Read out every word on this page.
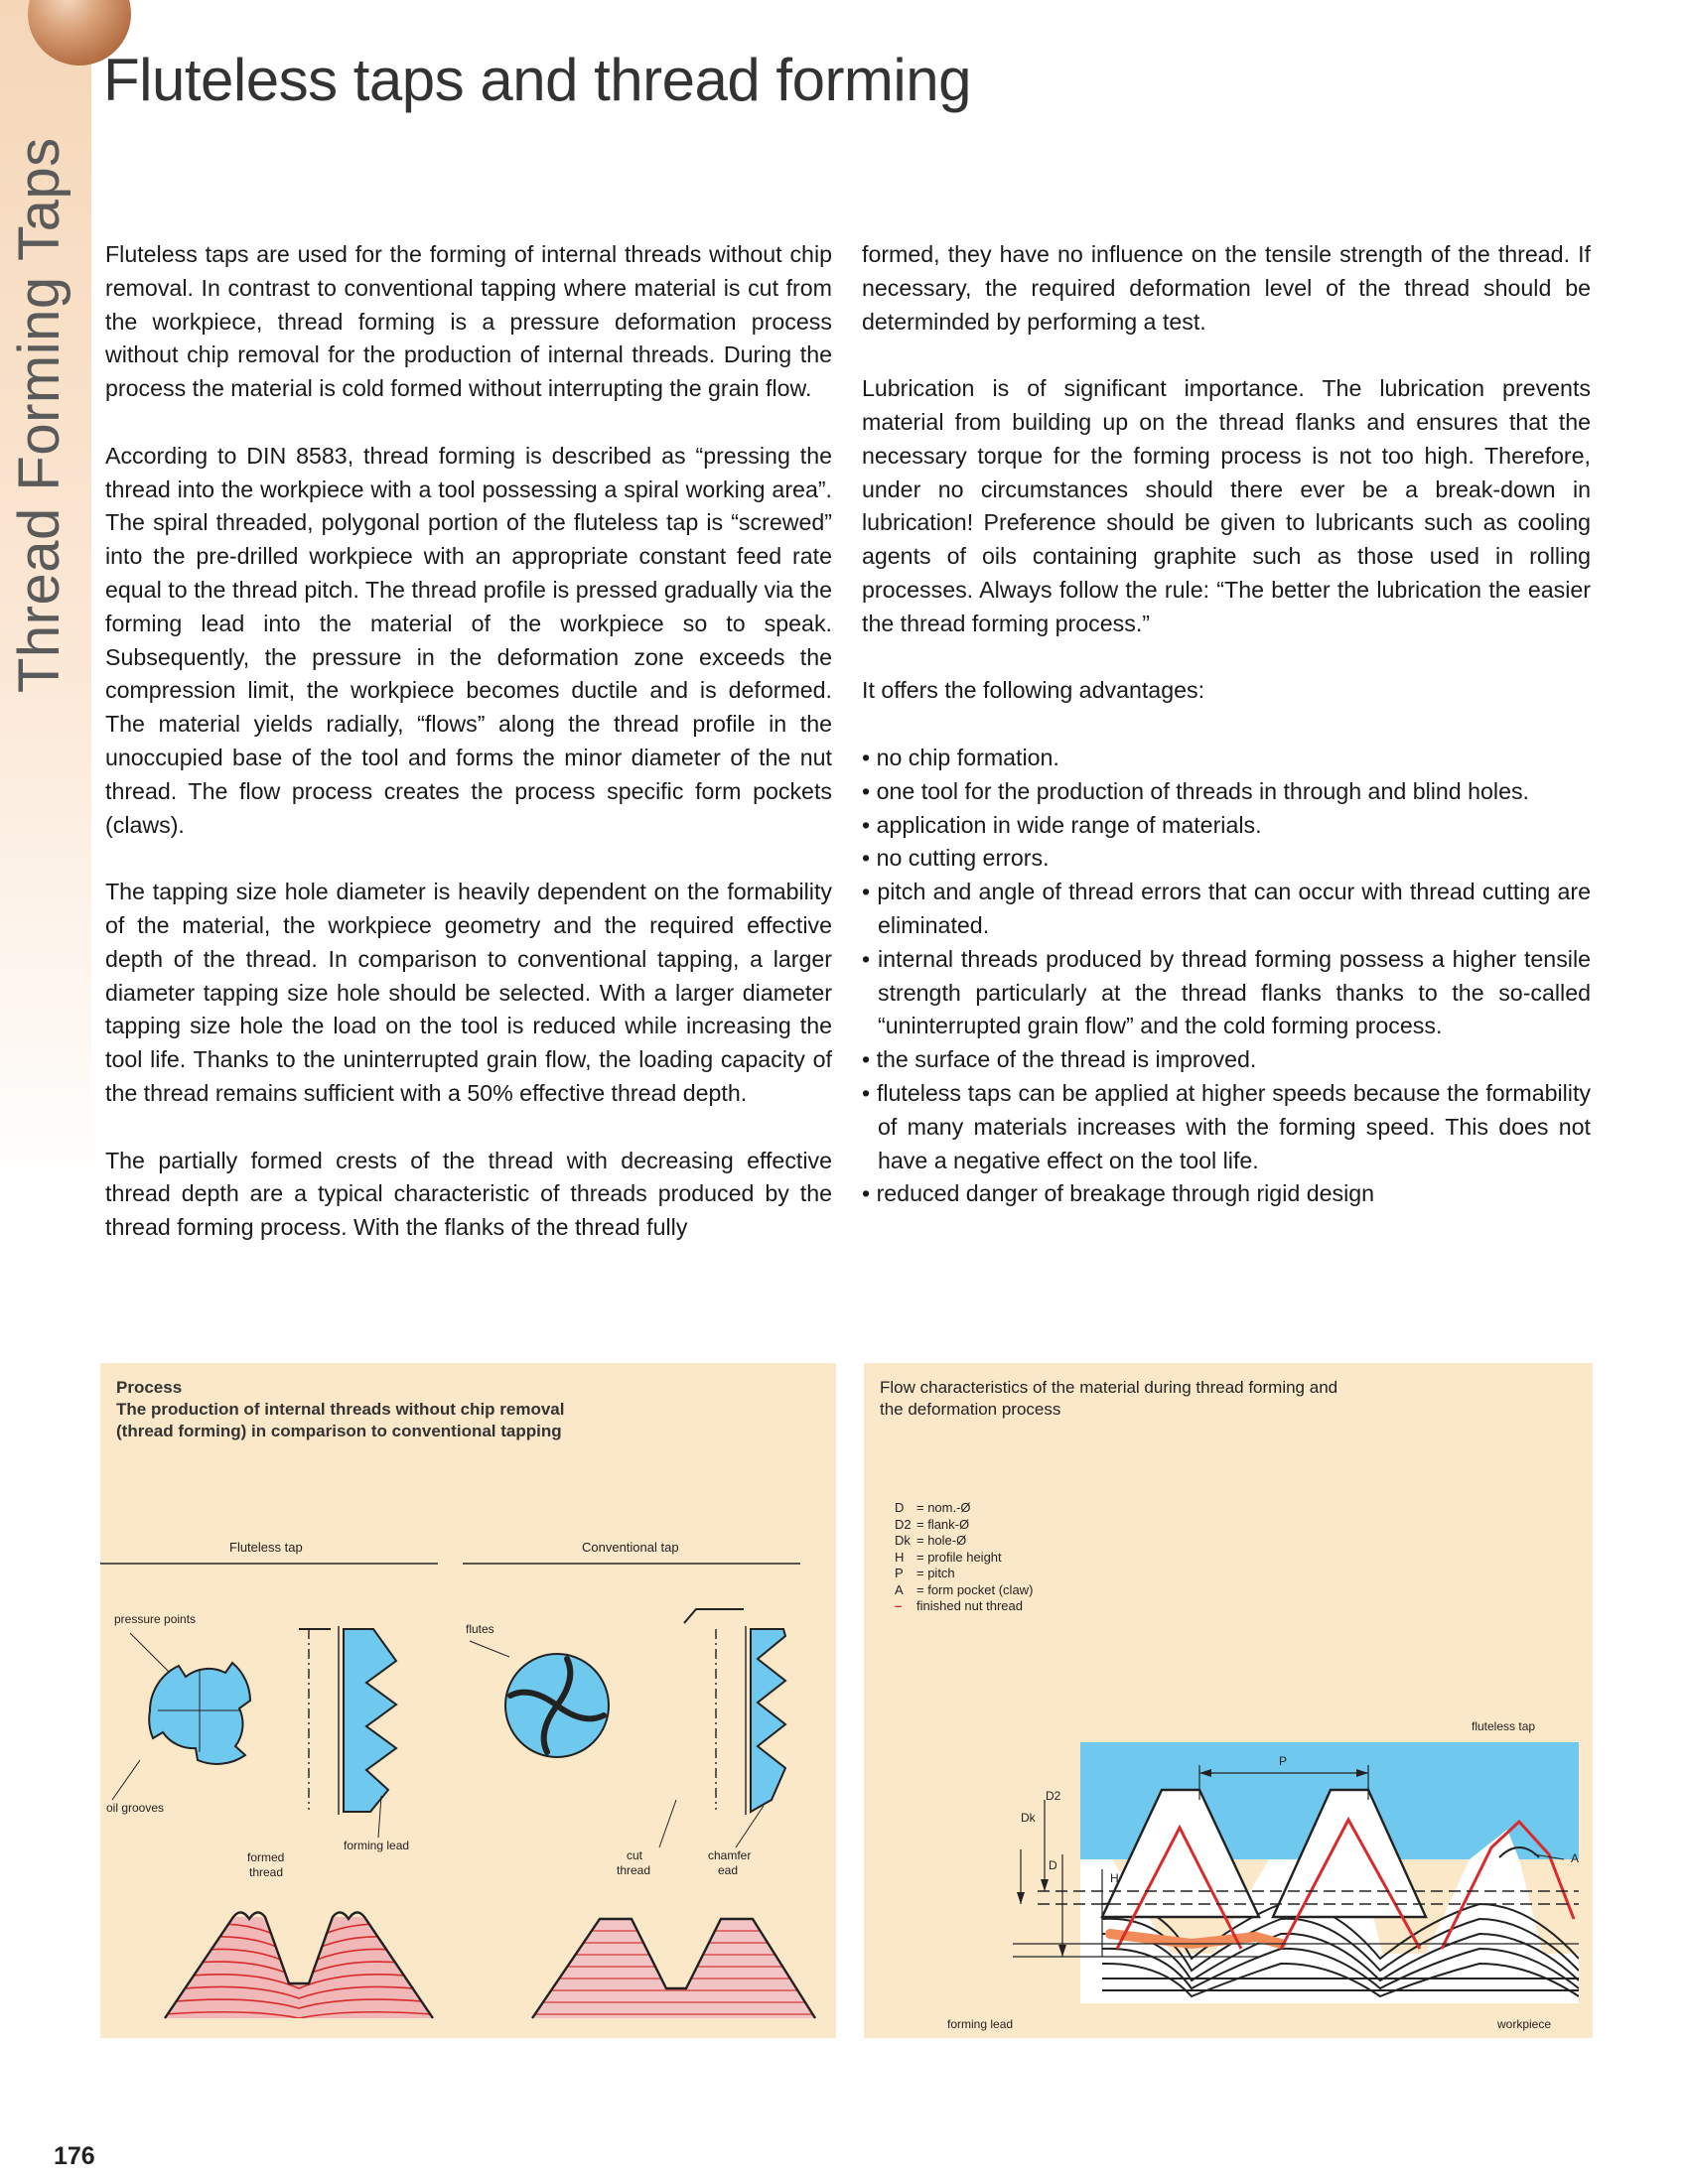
Thread Forming Taps
Fluteless taps and thread forming

Fluteless taps are used for the forming of internal threads without chip removal. In contrast to conventional tapping where material is cut from the workpiece, thread forming is a pressure deformation process without chip removal for the production of internal threads. During the process the material is cold formed without interrupting the grain flow.

According to DIN 8583, thread forming is described as “pressing the thread into the workpiece with a tool possessing a spiral working area”. The spiral threaded, polygonal portion of the fluteless tap is “screwed” into the pre-drilled workpiece with an appropriate constant feed rate equal to the thread pitch. The thread profile is pressed gradually via the forming lead into the material of the workpiece so to speak. Subsequently, the pressure in the deformation zone exceeds the compression limit, the workpiece becomes ductile and is deformed. The material yields radially, “flows” along the thread profile in the unoccupied base of the tool and forms the minor diameter of the nut thread. The flow process creates the process specific form pockets (claws).

The tapping size hole diameter is heavily dependent on the formability of the material, the workpiece geometry and the required effective depth of the thread. In comparison to conventional tapping, a larger diameter tapping size hole should be selected. With a larger diameter tapping size hole the load on the tool is reduced while increasing the tool life. Thanks to the uninterrupted grain flow, the loading capacity of the thread remains sufficient with a 50% effective thread depth.

The partially formed crests of the thread with decreasing effective thread depth are a typical characteristic of threads produced by the thread forming process. With the flanks of the thread fully

formed, they have no influence on the tensile strength of the thread. If necessary, the required deformation level of the thread should be determinded by performing a test.

Lubrication is of significant importance. The lubrication prevents material from building up on the thread flanks and ensures that the necessary torque for the forming process is not too high. Therefore, under no circumstances should there ever be a break-down in lubrication! Preference should be given to lubricants such as cooling agents of oils containing graphite such as those used in rolling processes. Always follow the rule: “The better the lubrication the easier the thread forming process.”

It offers the following advantages:

• no chip formation.
• one tool for the production of threads in through and blind holes.
• application in wide range of materials.
• no cutting errors.
• pitch and angle of thread errors that can occur with thread cutting are eliminated.
• internal threads produced by thread forming possess a higher tensile strength particularly at the thread flanks thanks to the so-called “uninterrupted grain flow” and the cold forming process.
• the surface of the thread is improved.
• fluteless taps can be applied at higher speeds because the formability of many materials increases with the forming speed. This does not have a negative effect on the tool life.
• reduced danger of breakage through rigid design
Process
The production of internal threads without chip removal
(thread forming) in comparison to conventional tapping
Fluteless tap	Conventional tap
pressure points
oil grooves
forming lead
formed
thread
flutes
cut
thread
chamfer
ead
Flow characteristics of the material during thread forming and
the deformation process
D = nom.-Ø
D2 = flank-Ø
Dk = hole-Ø
H = profile height
P	= pitch
A	= form pocket (claw)
–	finished nut thread
fluteless tap
P
D
Dk
D2
H
A
forming lead	workpiece
176
